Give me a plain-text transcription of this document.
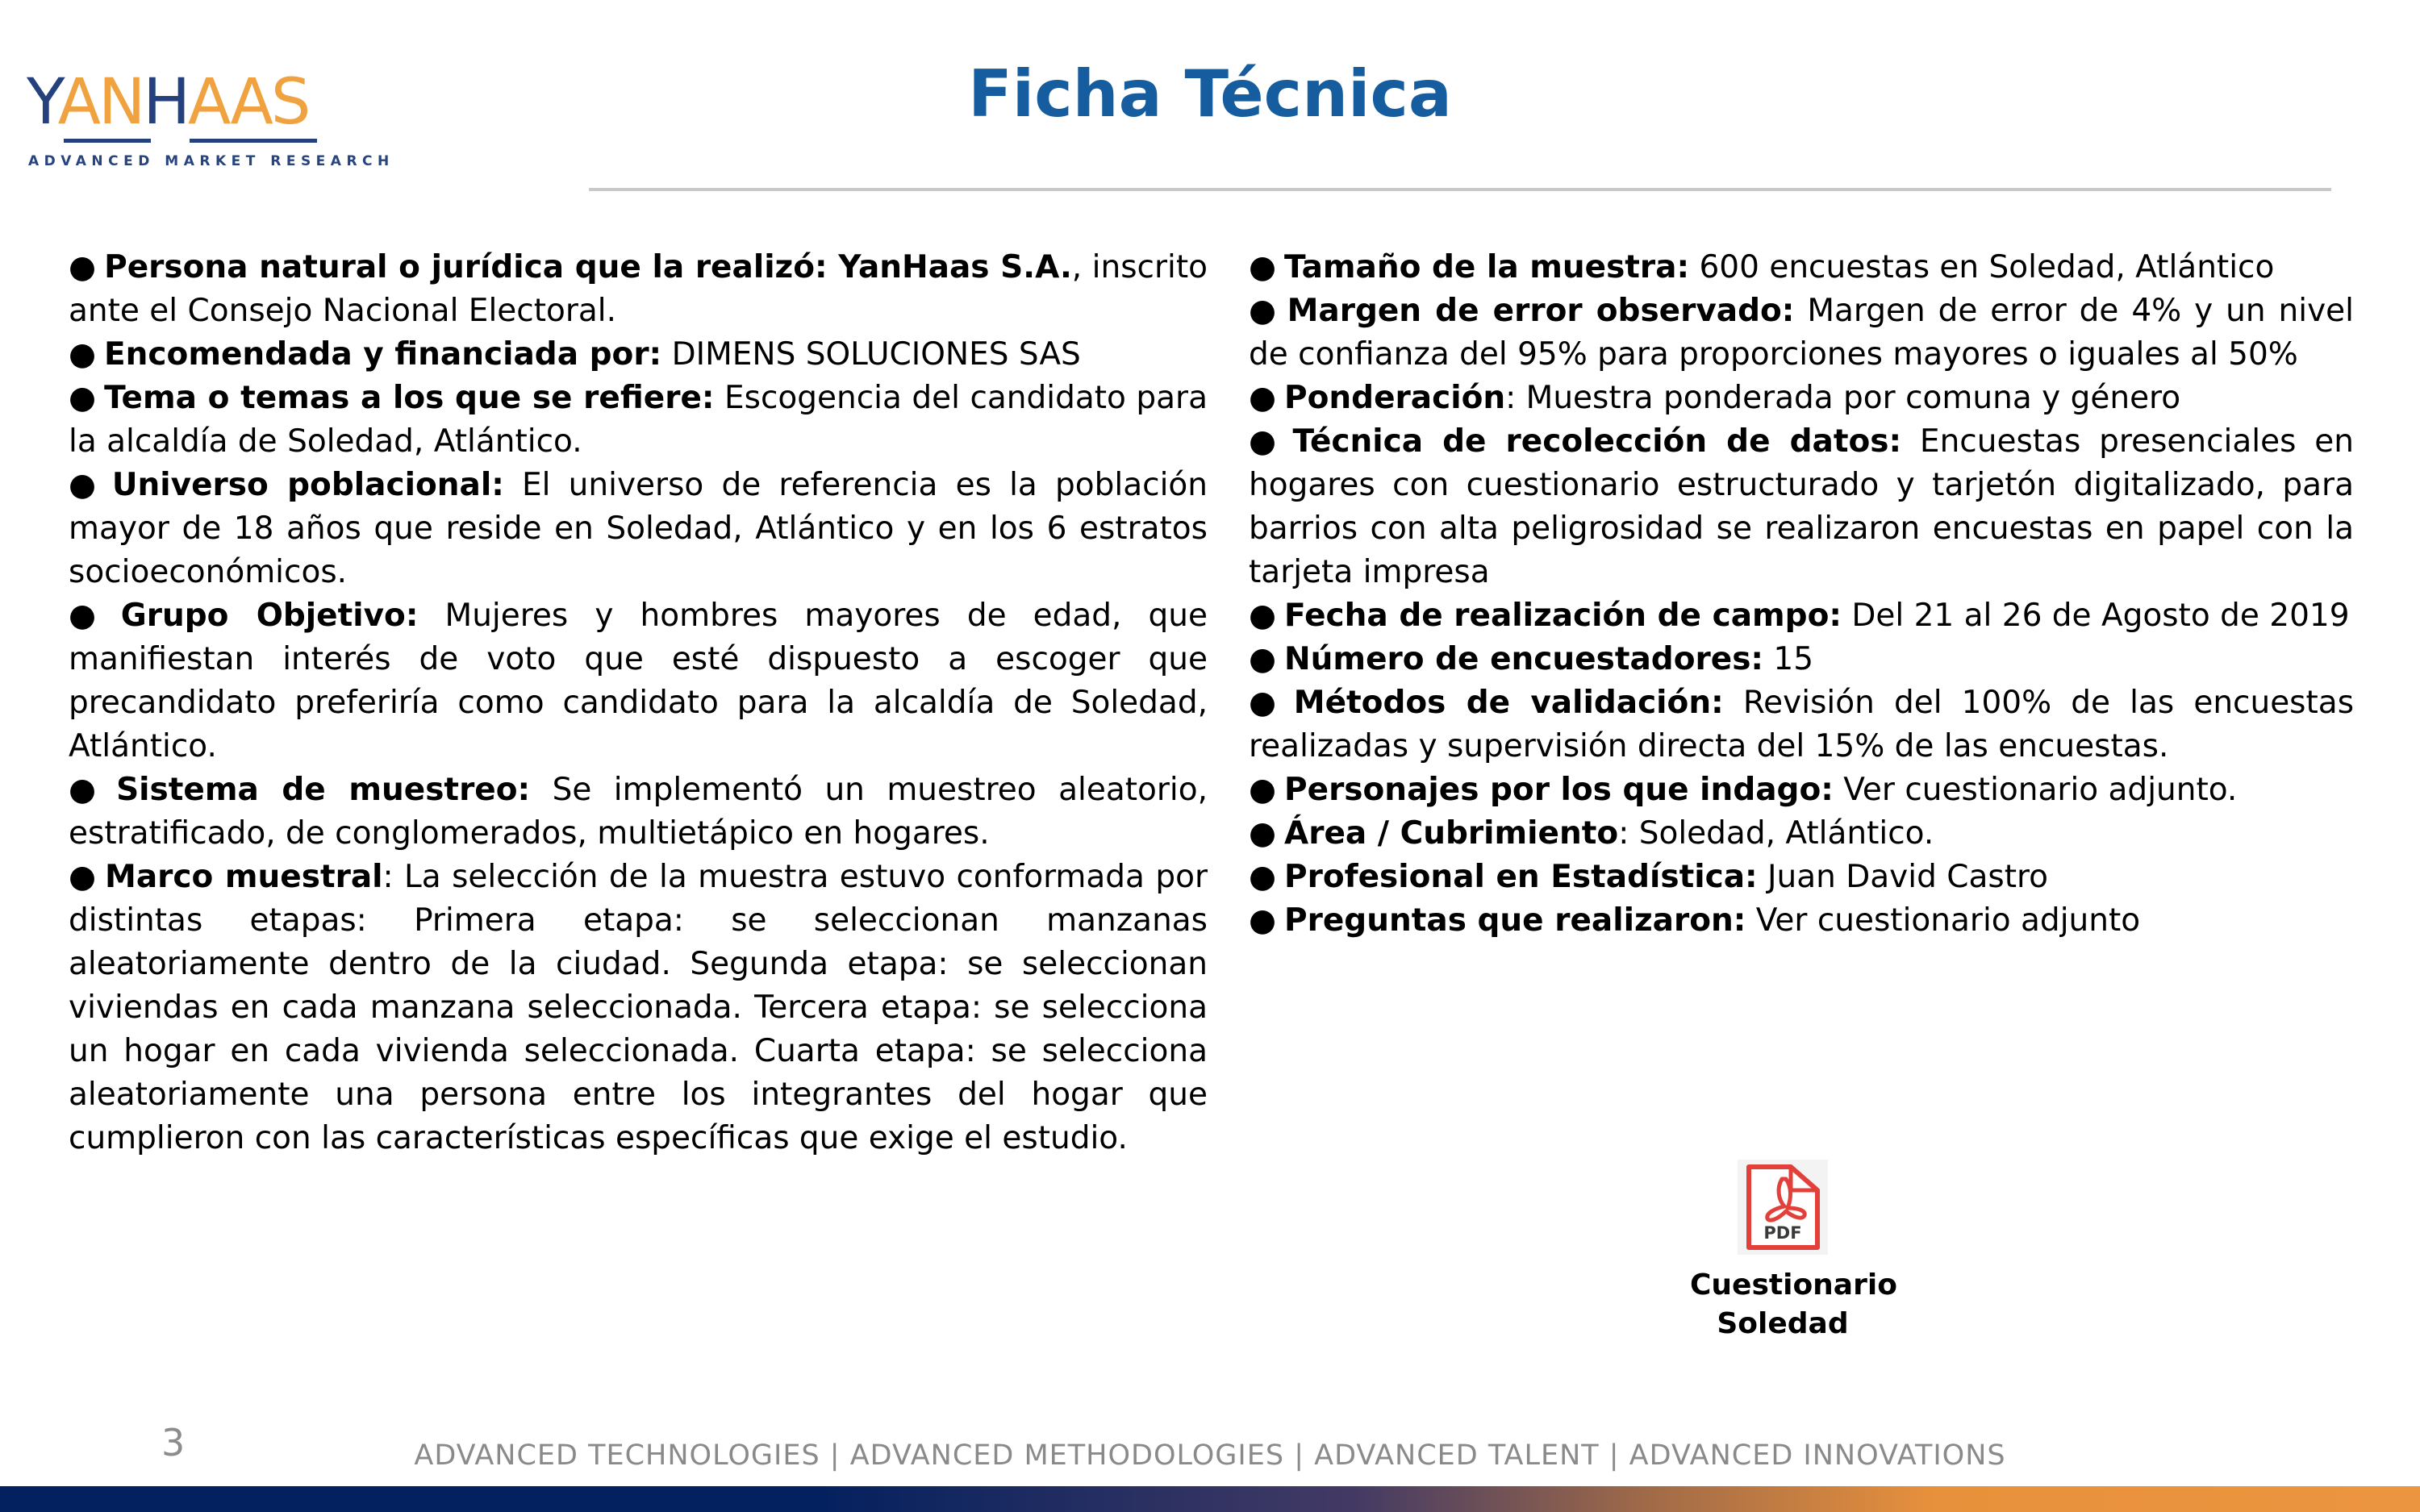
YANHAAS
ADVANCED MARKET RESEARCH
Ficha Técnica

● Persona natural o jurídica que la realizó: YanHaas S.A., inscrito ante el Consejo Nacional Electoral.

● Encomendada y financiada por: DIMENS SOLUCIONES SAS

● Tema o temas a los que se refiere: Escogencia del candidato para la alcaldía de Soledad, Atlántico.

● Universo poblacional: El universo de referencia es la población mayor de 18 años que reside en Soledad, Atlántico y en los 6 estratos socioeconómicos.

● Grupo Objetivo: Mujeres y hombres mayores de edad, que manifiestan interés de voto que esté dispuesto a escoger que precandidato preferiría como candidato para la alcaldía de Soledad, Atlántico.

● Sistema de muestreo: Se implementó un muestreo aleatorio, estratificado, de conglomerados, multietápico en hogares.

● Marco muestral: La selección de la muestra estuvo conformada por distintas etapas: Primera etapa: se seleccionan manzanas aleatoriamente dentro de la ciudad. Segunda etapa: se seleccionan viviendas en cada manzana seleccionada. Tercera etapa: se selecciona un hogar en cada vivienda seleccionada. Cuarta etapa: se selecciona aleatoriamente una persona entre los integrantes del hogar que cumplieron con las características específicas que exige el estudio.

● Tamaño de la muestra: 600 encuestas en Soledad, Atlántico

● Margen de error observado: Margen de error de 4% y un nivel de confianza del 95% para proporciones mayores o iguales al 50%

● Ponderación: Muestra ponderada por comuna y género

● Técnica de recolección de datos: Encuestas presenciales en hogares con cuestionario estructurado y tarjetón digitalizado, para barrios con alta peligrosidad se realizaron encuestas en papel con la tarjeta impresa

● Fecha de realización de campo: Del 21 al 26 de Agosto de 2019

● Número de encuestadores: 15

● Métodos de validación: Revisión del 100% de las encuestas realizadas y supervisión directa del 15% de las encuestas.

● Personajes por los que indago: Ver cuestionario adjunto.

● Área / Cubrimiento: Soledad, Atlántico.

● Profesional en Estadística: Juan David Castro

● Preguntas que realizaron: Ver cuestionario adjunto

PDF
Cuestionario
Soledad
3	ADVANCED TECHNOLOGIES | ADVANCED METHODOLOGIES | ADVANCED TALENT | ADVANCED INNOVATIONS
